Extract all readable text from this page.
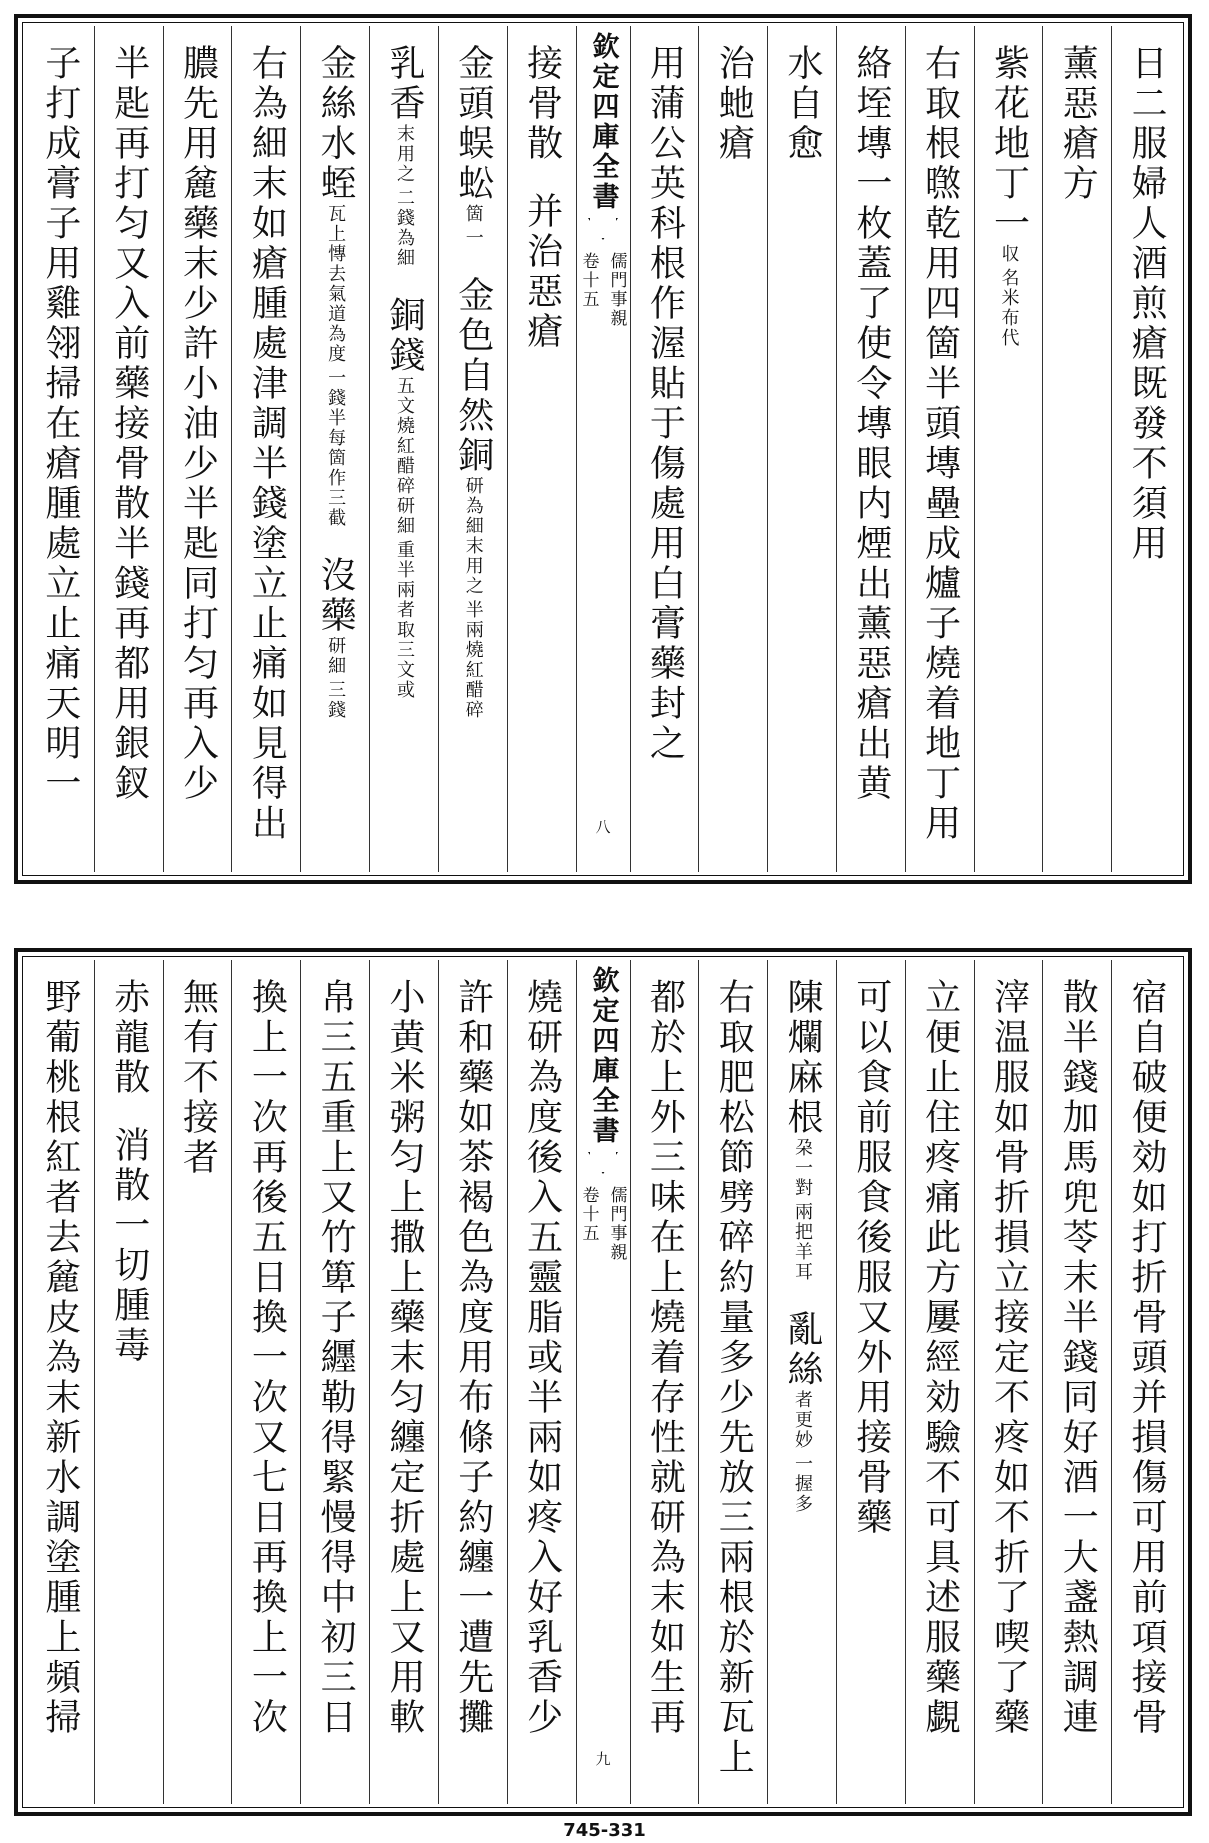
日二服婦人酒煎瘡既發不須用
薰惡瘡方
紫花地丁一
名米布代
収
右取根㬠乾用四箇半頭塼壘成爐子燒着地丁用
絡垤塼一枚蓋了使令塼眼内煙出薰惡瘡出黄
水自愈
治虵瘡
用蒲公英科根作渥貼于傷處用白膏藥封之
欽定四庫全書
儒門事親
卷十五
八
接骨散并治惡瘡
金頭蜈蚣
一
箇
金色自然銅
半兩燒紅醋碎
研為細末用之
乳香
二錢為細
末用之
銅錢
重半兩者取三文或
五文燒紅醋碎研細
金絲水蛭
一錢半每箇作三截
瓦上慱去氣道為度
沒藥
三錢
研細
右為細末如瘡腫處津調半錢塗立止痛如見得出
膿先用麄藥末少許小油少半匙同打匀再入少
半匙再打匀又入前藥接骨散半錢再都用銀釵
子打成膏子用雞翎掃在瘡腫處立止痛天明一
宿自破便効如打折骨頭并損傷可用前項接骨
散半錢加馬兜苓末半錢同好酒一大盞熱調連
滓温服如骨折損立接定不疼如不折了喫了藥
立便止住疼痛此方屢經効驗不可具述服藥覷
可以食前服食後服又外用接骨藥
陳爛麻根
兩把羊耳
朶一對
亂絲
一握多
者更妙
右取肥松節劈碎約量多少先放三兩根於新瓦上
都於上外三味在上燒着存性就研為末如生再
欽定四庫全書
儒門事親
卷十五
九
燒研為度後入五靈脂或半兩如疼入好乳香少
許和藥如茶褐色為度用布條子約纏一遭先攤
小黄米粥匀上撒上藥末匀纏定折處上又用軟
帛三五重上又竹箄子纒勒得緊慢得中初三日
換上一次再後五日換一次又七日再換上一次
無有不接者
赤龍散消散一切腫毒
野葡桃根紅者去麄皮為末新水調塗腫上頻掃
745-331
